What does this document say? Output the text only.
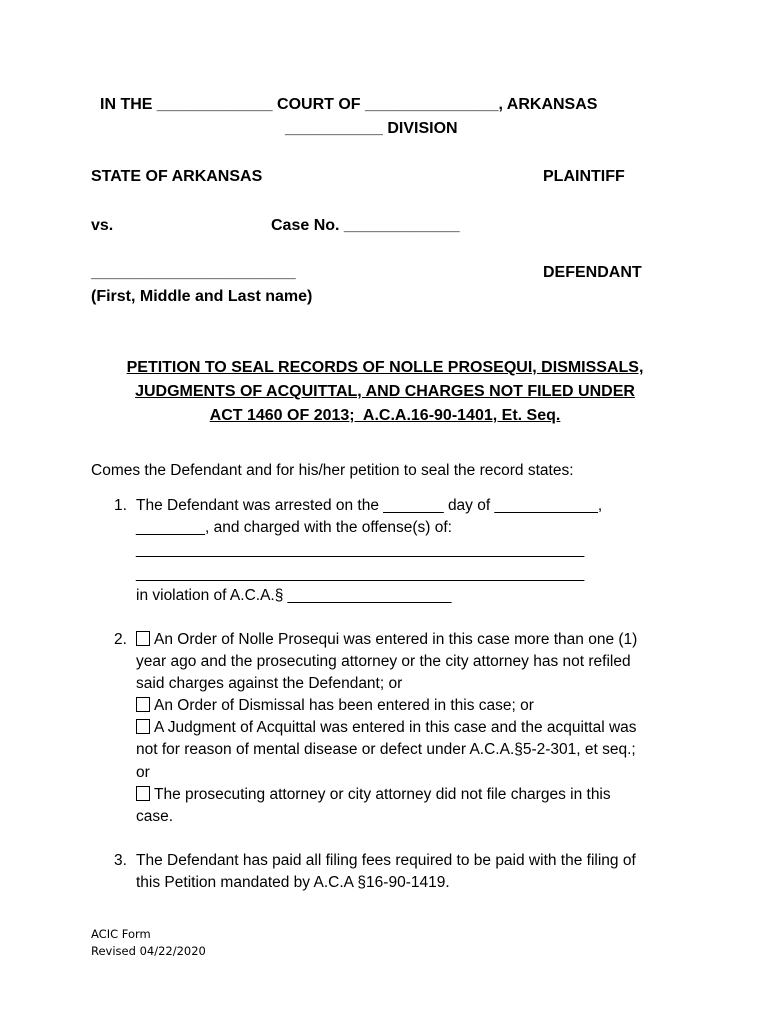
IN THE _____________ COURT OF _______________, ARKANSAS
___________ DIVISION
STATE OF ARKANSAS	PLAINTIFF
vs.	Case No. _____________
_______________________	DEFENDANT
(First, Middle and Last name)
PETITION TO SEAL RECORDS OF NOLLE PROSEQUI, DISMISSALS,
JUDGMENTS OF ACQUITTAL, AND CHARGES NOT FILED UNDER
ACT 1460 OF 2013;  A.C.A.16-90-1401, Et. Seq.
Comes the Defendant and for his/her petition to seal the record states:
1. The Defendant was arrested on the _______ day of ____________,
________, and charged with the offense(s) of:
____________________________________________________
____________________________________________________
in violation of A.C.A.§ ___________________
2.	An Order of Nolle Prosequi was entered in this case more than one (1)
year ago and the prosecuting attorney or the city attorney has not refiled
said charges against the Defendant; or
An Order of Dismissal has been entered in this case; or
A Judgment of Acquittal was entered in this case and the acquittal was
not for reason of mental disease or defect under A.C.A.§5-2-301, et seq.;
or
The prosecuting attorney or city attorney did not file charges in this
case.
3. The Defendant has paid all filing fees required to be paid with the filing of
this Petition mandated by A.C.A §16-90-1419.
ACIC Form
Revised 04/22/2020
